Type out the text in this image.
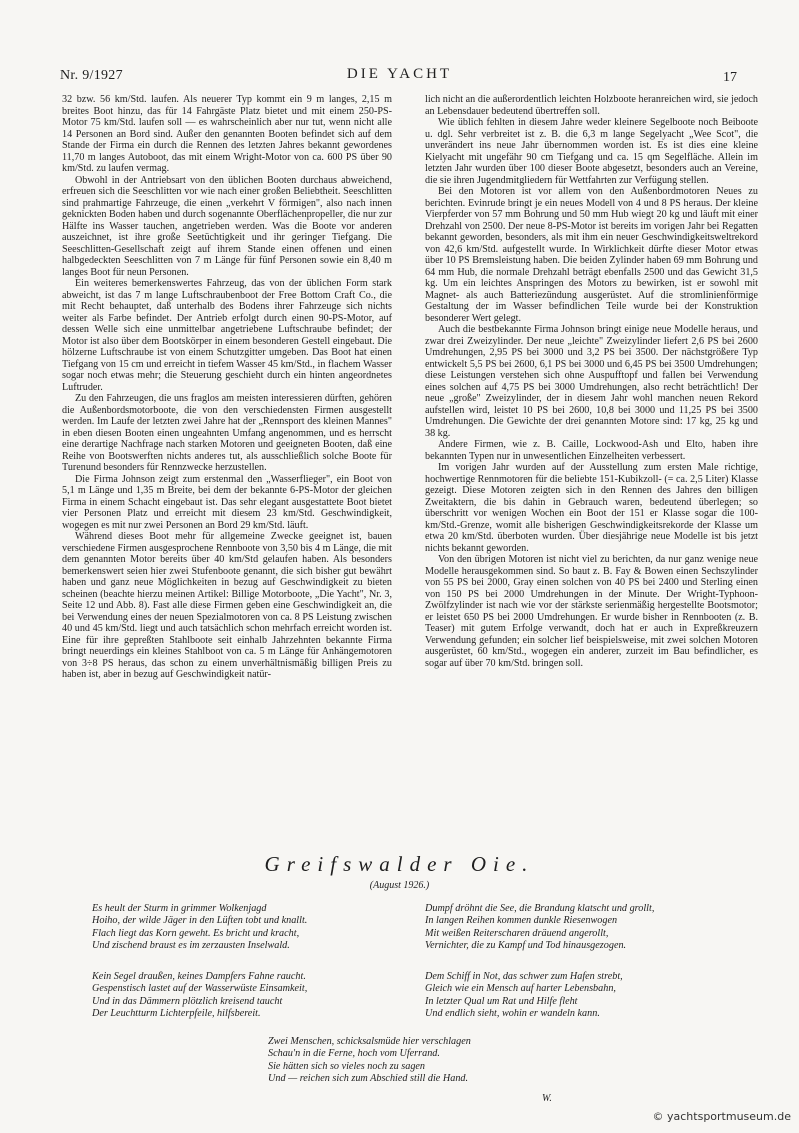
Nr. 9/1927	DIE YACHT	17

32 bzw. 56 km/Std. laufen. Als neuerer Typ kommt ein 9 m langes, 2,15 m breites Boot hinzu, das für 14 Fahrgäste Platz bietet und mit einem 250-PS-Motor 75 km/Std. laufen soll — es wahrscheinlich aber nur tut, wenn nicht alle 14 Personen an Bord sind. Außer den genannten Booten befindet sich auf dem Stande der Firma ein durch die Rennen des letzten Jahres bekannt gewordenes 11,70 m langes Autoboot, das mit einem Wright-Motor von ca. 600 PS über 90 km/Std. zu laufen vermag.

Obwohl in der Antriebsart von den üblichen Booten durchaus abweichend, erfreuen sich die Seeschlitten vor wie nach einer großen Beliebtheit. Seeschlitten sind prahmartige Fahrzeuge, die einen „verkehrt V förmigen", also nach innen geknickten Boden haben und durch sogenannte Oberflächenpropeller, die nur zur Hälfte ins Wasser tauchen, angetrieben werden. Was die Boote vor anderen auszeichnet, ist ihre große Seetüchtigkeit und ihr geringer Tiefgang. Die Seeschlitten-Gesellschaft zeigt auf ihrem Stande einen offenen und einen halbgedeckten Seeschlitten von 7 m Länge für fünf Personen sowie ein 8,40 m langes Boot für neun Personen.

Ein weiteres bemerkenswertes Fahrzeug, das von der üblichen Form stark abweicht, ist das 7 m lange Luftschraubenboot der Free Bottom Craft Co., die mit Recht behauptet, daß unterhalb des Bodens ihrer Fahrzeuge sich nichts weiter als Farbe befindet. Der Antrieb erfolgt durch einen 90-PS-Motor, auf dessen Welle sich eine unmittelbar angetriebene Luftschraube befindet; der Motor ist also über dem Bootskörper in einem besonderen Gestell eingebaut. Die hölzerne Luftschraube ist von einem Schutzgitter umgeben. Das Boot hat einen Tiefgang von 15 cm und erreicht in tiefem Wasser 45 km/Std., in flachem Wasser sogar noch etwas mehr; die Steuerung geschieht durch ein hinten angeordnetes Luftruder.

Zu den Fahrzeugen, die uns fraglos am meisten interessieren dürften, gehören die Außenbordsmotorboote, die von den verschiedensten Firmen ausgestellt werden. Im Laufe der letzten zwei Jahre hat der „Rennsport des kleinen Mannes" in eben diesen Booten einen ungeahnten Umfang angenommen, und es herrscht eine derartige Nachfrage nach starken Motoren und geeigneten Booten, daß eine Reihe von Bootswerften nichts anderes tut, als ausschließlich solche Boote für Turenund besonders für Rennzwecke herzustellen.

Die Firma Johnson zeigt zum erstenmal den „Wasserflieger", ein Boot von 5,1 m Länge und 1,35 m Breite, bei dem der bekannte 6-PS-Motor der gleichen Firma in einem Schacht eingebaut ist. Das sehr elegant ausgestattete Boot bietet vier Personen Platz und erreicht mit diesem 23 km/Std. Geschwindigkeit, wogegen es mit nur zwei Personen an Bord 29 km/Std. läuft.

Während dieses Boot mehr für allgemeine Zwecke geeignet ist, bauen verschiedene Firmen ausgesprochene Rennboote von 3,50 bis 4 m Länge, die mit dem genannten Motor bereits über 40 km/Std gelaufen haben. Als besonders bemerkenswert seien hier zwei Stufenboote genannt, die sich bisher gut bewährt haben und ganz neue Möglichkeiten in bezug auf Geschwindigkeit zu bieten scheinen (beachte hierzu meinen Artikel: Billige Motorboote, „Die Yacht", Nr. 3, Seite 12 und Abb. 8). Fast alle diese Firmen geben eine Geschwindigkeit an, die bei Verwendung eines der neuen Spezialmotoren von ca. 8 PS Leistung zwischen 40 und 45 km/Std. liegt und auch tatsächlich schon mehrfach erreicht worden ist. Eine für ihre gepreßten Stahlboote seit einhalb Jahrzehnten bekannte Firma bringt neuerdings ein kleines Stahlboot von ca. 5 m Länge für Anhängemotoren von 3÷8 PS heraus, das schon zu einem unverhältnismäßig billigen Preis zu haben ist, aber in bezug auf Geschwindigkeit natür-

lich nicht an die außerordentlich leichten Holzboote heranreichen wird, sie jedoch an Lebensdauer bedeutend übertreffen soll.

Wie üblich fehlten in diesem Jahre weder kleinere Segelboote noch Beiboote u. dgl. Sehr verbreitet ist z. B. die 6,3 m lange Segelyacht „Wee Scot", die unverändert ins neue Jahr übernommen worden ist. Es ist dies eine kleine Kielyacht mit ungefähr 90 cm Tiefgang und ca. 15 qm Segelfläche. Allein im letzten Jahr wurden über 100 dieser Boote abgesetzt, besonders auch an Vereine, die sie ihren Jugendmitgliedern für Wettfahrten zur Verfügung stellen.

Bei den Motoren ist vor allem von den Außenbordmotoren Neues zu berichten. Evinrude bringt je ein neues Modell von 4 und 8 PS heraus. Der kleine Vierpferder von 57 mm Bohrung und 50 mm Hub wiegt 20 kg und läuft mit einer Drehzahl von 2500. Der neue 8-PS-Motor ist bereits im vorigen Jahr bei Regatten bekannt geworden, besonders, als mit ihm ein neuer Geschwindigkeitsweltrekord von 42,6 km/Std. aufgestellt wurde. In Wirklichkeit dürfte dieser Motor etwas über 10 PS Bremsleistung haben. Die beiden Zylinder haben 69 mm Bohrung und 64 mm Hub, die normale Drehzahl beträgt ebenfalls 2500 und das Gewicht 31,5 kg. Um ein leichtes Anspringen des Motors zu bewirken, ist er sowohl mit Magnet- als auch Batteriezündung ausgerüstet. Auf die stromlinienförmige Gestaltung der im Wasser befindlichen Teile wurde bei der Konstruktion besonderer Wert gelegt.

Auch die bestbekannte Firma Johnson bringt einige neue Modelle heraus, und zwar drei Zweizylinder. Der neue „leichte" Zweizylinder liefert 2,6 PS bei 2600 Umdrehungen, 2,95 PS bei 3000 und 3,2 PS bei 3500. Der nächstgrößere Typ entwickelt 5,5 PS bei 2600, 6,1 PS bei 3000 und 6,45 PS bei 3500 Umdrehungen; diese Leistungen verstehen sich ohne Auspufftopf und fallen bei Verwendung eines solchen auf 4,75 PS bei 3000 Umdrehungen, also recht beträchtlich! Der neue „große" Zweizylinder, der in diesem Jahr wohl manchen neuen Rekord aufstellen wird, leistet 10 PS bei 2600, 10,8 bei 3000 und 11,25 PS bei 3500 Umdrehungen. Die Gewichte der drei genannten Motore sind: 17 kg, 25 kg und 38 kg.

Andere Firmen, wie z. B. Caille, Lockwood-Ash und Elto, haben ihre bekannten Typen nur in unwesentlichen Einzelheiten verbessert.

Im vorigen Jahr wurden auf der Ausstellung zum ersten Male richtige, hochwertige Rennmotoren für die beliebte 151-Kubikzoll- (= ca. 2,5 Liter) Klasse gezeigt. Diese Motoren zeigten sich in den Rennen des Jahres den billigen Zweitaktern, die bis dahin in Gebrauch waren, bedeutend überlegen; so überschritt vor wenigen Wochen ein Boot der 151 er Klasse sogar die 100-km/Std.-Grenze, womit alle bisherigen Geschwindigkeitsrekorde der Klasse um etwa 20 km/Std. überboten wurden. Über diesjährige neue Modelle ist bis jetzt nichts bekannt geworden.

Von den übrigen Motoren ist nicht viel zu berichten, da nur ganz wenige neue Modelle herausgekommen sind. So baut z. B. Fay & Bowen einen Sechszylinder von 55 PS bei 2000, Gray einen solchen von 40 PS bei 2400 und Sterling einen von 150 PS bei 2000 Umdrehungen in der Minute. Der Wright-Typhoon-Zwölfzylinder ist nach wie vor der stärkste serienmäßig hergestellte Bootsmotor; er leistet 650 PS bei 2000 Umdrehungen. Er wurde bisher in Rennbooten (z. B. Teaser) mit gutem Erfolge verwandt, doch hat er auch in Expreßkreuzern Verwendung gefunden; ein solcher lief beispielsweise, mit zwei solchen Motoren ausgerüstet, 60 km/Std., wogegen ein anderer, zurzeit im Bau befindlicher, es sogar auf über 70 km/Std. bringen soll.

Greifswalder Oie.
(August 1926.)
Es heult der Sturm in grimmer Wolkenjagd
Hoiho, der wilde Jäger in den Lüften tobt und knallt.
Flach liegt das Korn geweht. Es bricht und kracht,
Und zischend braust es im zerzausten Inselwald.
Dumpf dröhnt die See, die Brandung klatscht und grollt,
In langen Reihen kommen dunkle Riesenwogen
Mit weißen Reiterscharen dräuend angerollt,
Vernichter, die zu Kampf und Tod hinausgezogen.
Kein Segel draußen, keines Dampfers Fahne raucht.
Gespenstisch lastet auf der Wasserwüste Einsamkeit,
Und in das Dämmern plötzlich kreisend taucht
Der Leuchtturm Lichterpfeile, hilfsbereit.
Dem Schiff in Not, das schwer zum Hafen strebt,
Gleich wie ein Mensch auf harter Lebensbahn,
In letzter Qual um Rat und Hilfe fleht
Und endlich sieht, wohin er wandeln kann.
Zwei Menschen, schicksalsmüde hier verschlagen
Schau'n in die Ferne, hoch vom Uferrand.
Sie hätten sich so vieles noch zu sagen
Und — reichen sich zum Abschied still die Hand.
W.
© yachtsportmuseum.de
